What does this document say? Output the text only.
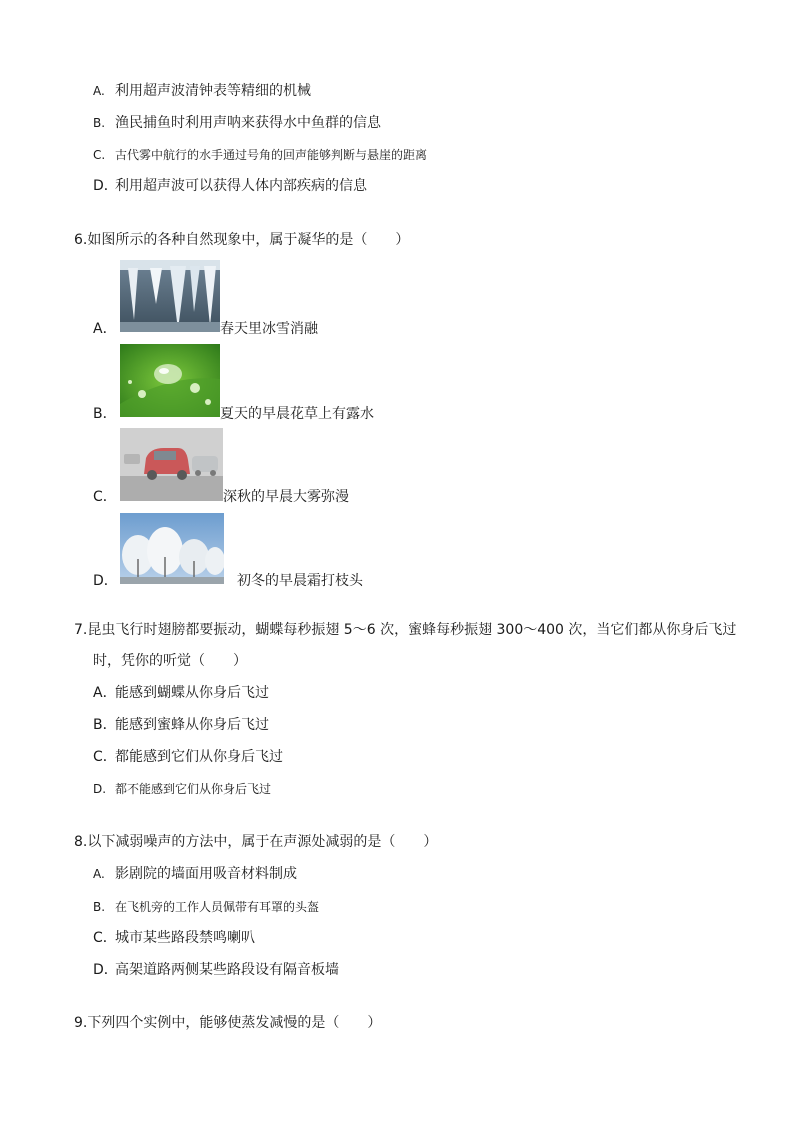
A. 利用超声波清钟表等精细的机械
B. 渔民捕鱼时利用声呐来获得水中鱼群的信息
C. 古代雾中航行的水手通过号角的回声能够判断与悬崖的距离
D．利用超声波可以获得人体内部疾病的信息
6.如图所示的各种自然现象中，属于凝华的是（　　）
A．	春天里冰雪消融
B．	夏天的早晨花草上有露水
C．	深秋的早晨大雾弥漫
D．	初冬的早晨霜打枝头
7.昆虫飞行时翅膀都要振动，蝴蝶每秒振翅 5～6 次，蜜蜂每秒振翅 300～400 次，当它们都从你身后飞过
时，凭你的听觉（　　）
A．能感到蝴蝶从你身后飞过
B．能感到蜜蜂从你身后飞过
C．都能感到它们从你身后飞过
D. 都不能感到它们从你身后飞过
8.以下减弱噪声的方法中，属于在声源处减弱的是（　　）
A. 影剧院的墙面用吸音材料制成
B. 在飞机旁的工作人员佩带有耳罩的头盔
C．城市某些路段禁鸣喇叭
D．高架道路两侧某些路段设有隔音板墙
9.下列四个实例中，能够使蒸发减慢的是（　　）
